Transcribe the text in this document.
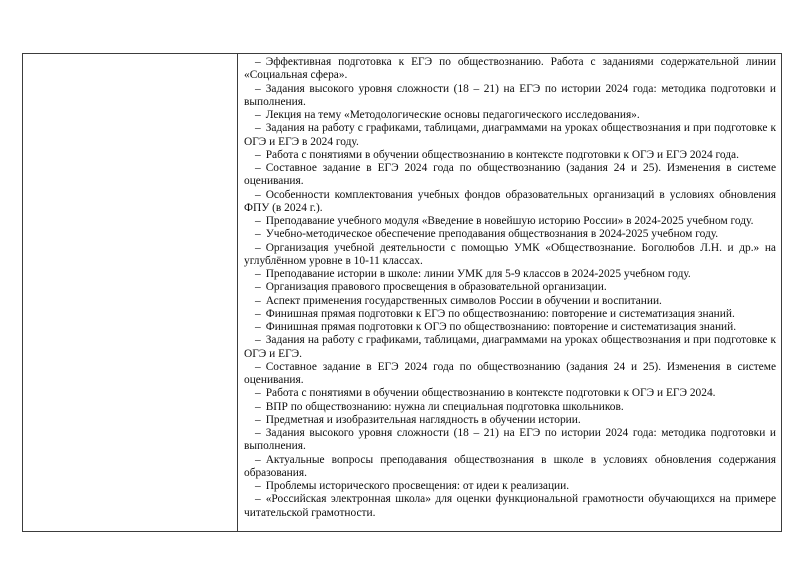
– Эффективная подготовка к ЕГЭ по обществознанию. Работа с заданиями содержательной линии «Социальная сфера».

– Задания высокого уровня сложности (18 – 21) на ЕГЭ по истории 2024 года: методика подготовки и выполнения.

– Лекция на тему «Методологические основы педагогического исследования».

– Задания на работу с графиками, таблицами, диаграммами на уроках обществознания и при подготовке к ОГЭ и ЕГЭ в 2024 году.

– Работа с понятиями в обучении обществознанию в контексте подготовки к ОГЭ и ЕГЭ 2024 года.

– Составное задание в ЕГЭ 2024 года по обществознанию (задания 24 и 25). Изменения в системе оценивания.

– Особенности комплектования учебных фондов образовательных организаций в условиях обновления ФПУ (в 2024 г.).

– Преподавание учебного модуля «Введение в новейшую историю России» в 2024-2025 учебном году.

– Учебно-методическое обеспечение преподавания обществознания в 2024-2025 учебном году.

– Организация учебной деятельности с помощью УМК «Обществознание. Боголюбов Л.Н. и др.» на углублённом уровне в 10-11 классах.

– Преподавание истории в школе: линии УМК для 5-9 классов в 2024-2025 учебном году.

– Организация правового просвещения в образовательной организации.

– Аспект применения государственных символов России в обучении и воспитании.

– Финишная прямая подготовки к ЕГЭ по обществознанию: повторение и систематизация знаний.

– Финишная прямая подготовки к ОГЭ по обществознанию: повторение и систематизация знаний.

– Задания на работу с графиками, таблицами, диаграммами на уроках обществознания и при подготовке к ОГЭ и ЕГЭ.

– Составное задание в ЕГЭ 2024 года по обществознанию (задания 24 и 25). Изменения в системе оценивания.

– Работа с понятиями в обучении обществознанию в контексте подготовки к ОГЭ и ЕГЭ 2024.

– ВПР по обществознанию: нужна ли специальная подготовка школьников.

– Предметная и изобразительная наглядность в обучении истории.

– Задания высокого уровня сложности (18 – 21) на ЕГЭ по истории 2024 года: методика подготовки и выполнения.

– Актуальные вопросы преподавания обществознания в школе в условиях обновления содержания образования.

– Проблемы исторического просвещения: от идеи к реализации.

– «Российская электронная школа» для оценки функциональной грамотности обучающихся на примере читательской грамотности.
